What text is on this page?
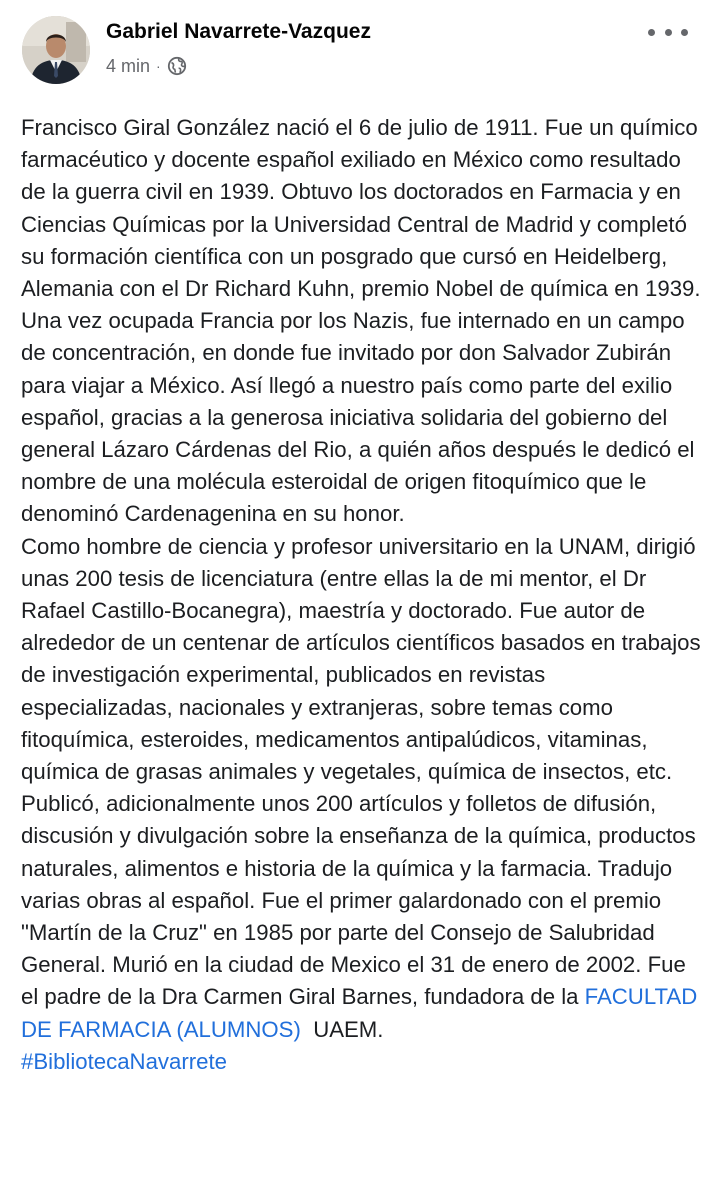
Gabriel Navarrete-Vazquez
4 min ·

Francisco Giral González nació el 6 de julio de 1911. Fue un químico farmacéutico y docente español exiliado en México como resultado de la guerra civil en 1939. Obtuvo los doctorados en Farmacia y en Ciencias Químicas por la Universidad Central de Madrid y completó su formación científica con un posgrado que cursó en Heidelberg, Alemania con el Dr Richard Kuhn, premio Nobel de química en 1939. Una vez ocupada Francia por los Nazis, fue internado en un campo de concentración, en donde fue invitado por don Salvador Zubirán para viajar a México. Así llegó a nuestro país como parte del exilio español, gracias a la generosa iniciativa solidaria del gobierno del general Lázaro Cárdenas del Rio, a quién años después le dedicó el nombre de una molécula esteroidal de origen fitoquímico que le denominó Cardenagenina en su honor.

Como hombre de ciencia y profesor universitario en la UNAM, dirigió unas 200 tesis de licenciatura (entre ellas la de mi mentor, el Dr Rafael Castillo-Bocanegra), maestría y doctorado. Fue autor de alrededor de un centenar de artículos científicos basados en trabajos de investigación experimental, publicados en revistas especializadas, nacionales y extranjeras, sobre temas como fitoquímica, esteroides, medicamentos antipalúdicos, vitaminas, química de grasas animales y vegetales, química de insectos, etc. Publicó, adicionalmente unos 200 artículos y folletos de difusión, discusión y divulgación sobre la enseñanza de la química, productos naturales, alimentos e historia de la química y la farmacia. Tradujo varias obras al español. Fue el primer galardonado con el premio "Martín de la Cruz" en 1985 por parte del Consejo de Salubridad General. Murió en la ciudad de Mexico el 31 de enero de 2002. Fue el padre de la Dra Carmen Giral Barnes, fundadora de la FACULTAD DE FARMACIA (ALUMNOS)  UAEM.

#BibliotecaNavarrete
